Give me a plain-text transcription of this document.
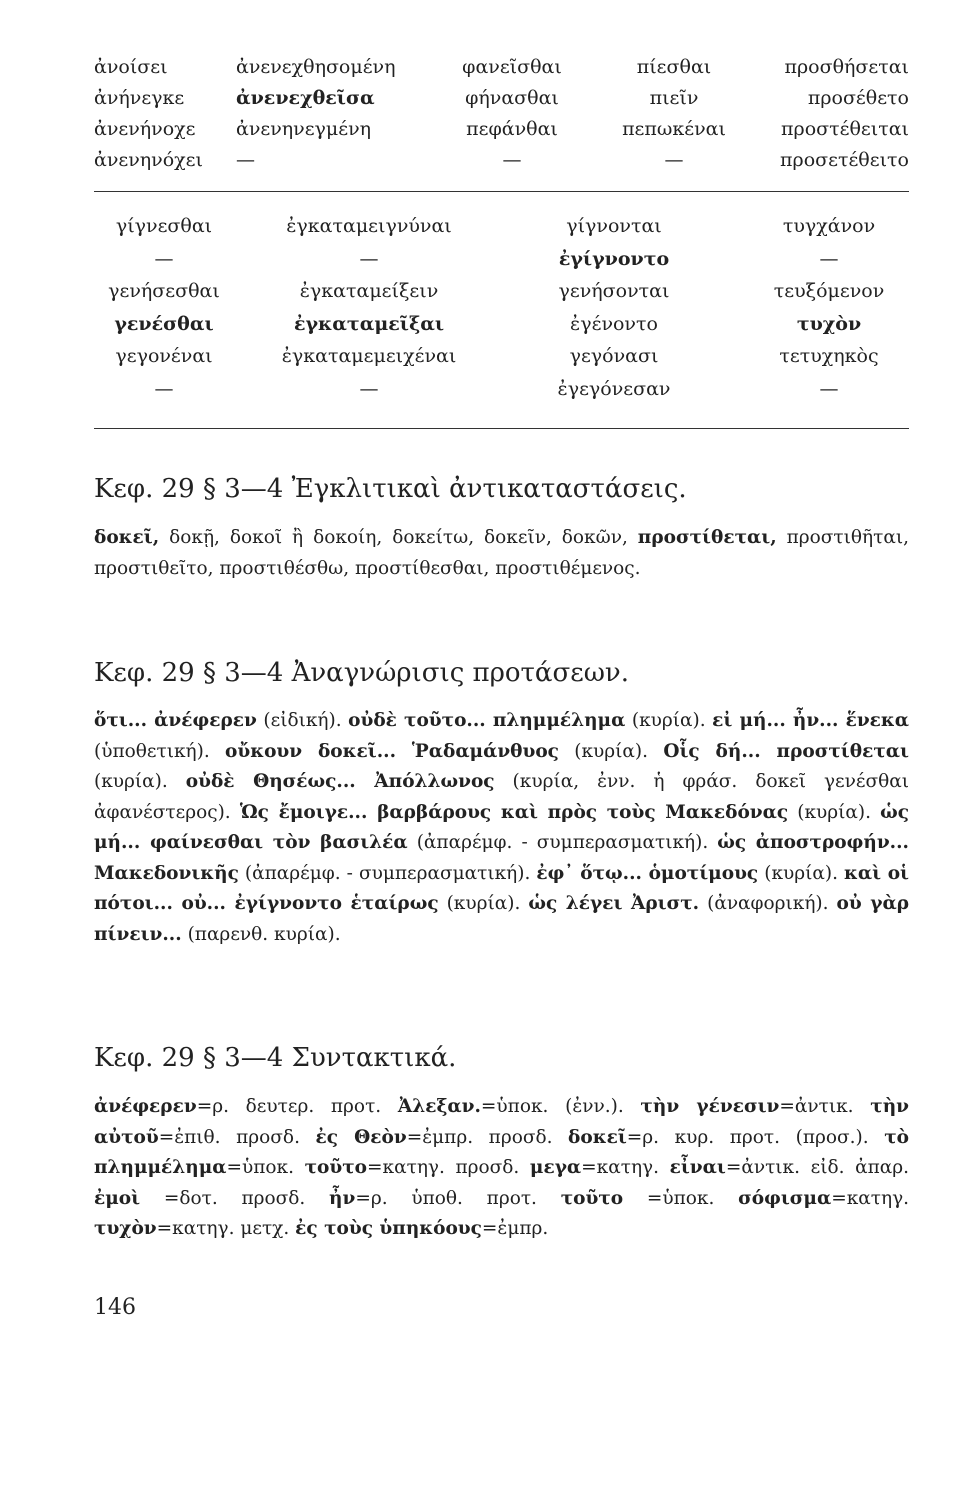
ἀνοίσει	ἀνενεχθησομένη	φανεῖσθαι	πίεσθαι	προσθήσεται
ἀνήνεγκε	ἀνενεχθεῖσα	φήνασθαι	πιεῖν	προσέθετο
ἀνενήνοχε	ἀνενηνεγμένη	πεφάνθαι	πεπωκέναι	προστέθειται
ἀνενηνόχει	—	—	—	προσετέθειτο
γίγνεσθαι	ἐγκαταμειγνύναι	γίγνονται	τυγχάνον
—	—	ἐγίγνοντο	—
γενήσεσθαι	ἐγκαταμείξειν	γενήσονται	τευξόμενον
γενέσθαι	ἐγκαταμεῖξαι	ἐγένοντο	τυχὸν
γεγονέναι	ἐγκαταμεμειχέναι	γεγόνασι	τετυχηκὸς
—	—	ἐγεγόνεσαν	—
Κεφ. 29 § 3—4 Ἐγκλιτικαὶ ἀντικαταστάσεις.

δοκεῖ, δοκῇ, δοκοῖ ἢ δοκοίη, δοκείτω, δοκεῖν, δοκῶν, προστίθεται, προστιθῆται, προστιθεῖτο, προστιθέσθω, προστίθεσθαι, προστιθέμενος.

Κεφ. 29 § 3—4 Ἀναγνώρισις προτάσεων.

ὅτι... ἀνέφερεν (εἰδική). οὐδὲ τοῦτο... πλημμέλημα (κυρία). εἰ μή... ἦν... ἕνεκα (ὑποθετική). οὔκουν δοκεῖ... Ῥαδαμάνθυος (κυρία). Οἷς δή... προστίθεται (κυρία). οὐδὲ Θησέως... Ἀπόλλωνος (κυρία, ἐνν. ἡ φράσ. δοκεῖ γενέσθαι ἀφανέστερος). Ὡς ἔμοιγε... βαρβάρους καὶ πρὸς τοὺς Μακεδόνας (κυρία). ὡς μή... φαίνεσθαι τὸν βασιλέα (ἀπαρέμφ. - συμπερασματική). ὡς ἀποστροφήν... Μακεδονικῆς (ἀπαρέμφ. - συμπερασματική). ἐφ᾽ ὅτῳ... ὁμοτίμους (κυρία). καὶ οἱ πότοι... οὐ... ἐγίγνοντο ἑταίρως (κυρία). ὡς λέγει Ἀριστ. (ἀναφορική). οὐ γὰρ πίνειν... (παρενθ. κυρία).

Κεφ. 29 § 3—4 Συντακτικά.

ἀνέφερεν=ρ. δευτερ. προτ. Ἀλεξαν.=ὑποκ. (ἐνν.). τὴν γένεσιν=ἀντικ. τὴν αὐτοῦ=ἐπιθ. προσδ. ἐς Θεὸν=ἐμπρ. προσδ. δοκεῖ=ρ. κυρ. προτ. (προσ.). τὸ πλημμέλημα=ὑποκ. τοῦτο=κατηγ. προσδ. μεγα=κατηγ. εἶναι=ἀντικ. εἰδ. ἀπαρ. ἐμοὶ =δοτ. προσδ. ἦν=ρ. ὑποθ. προτ. τοῦτο =ὑποκ. σόφισμα=κατηγ. τυχὸν=κατηγ. μετχ. ἐς τοὺς ὑπηκόους=ἐμπρ.

146
